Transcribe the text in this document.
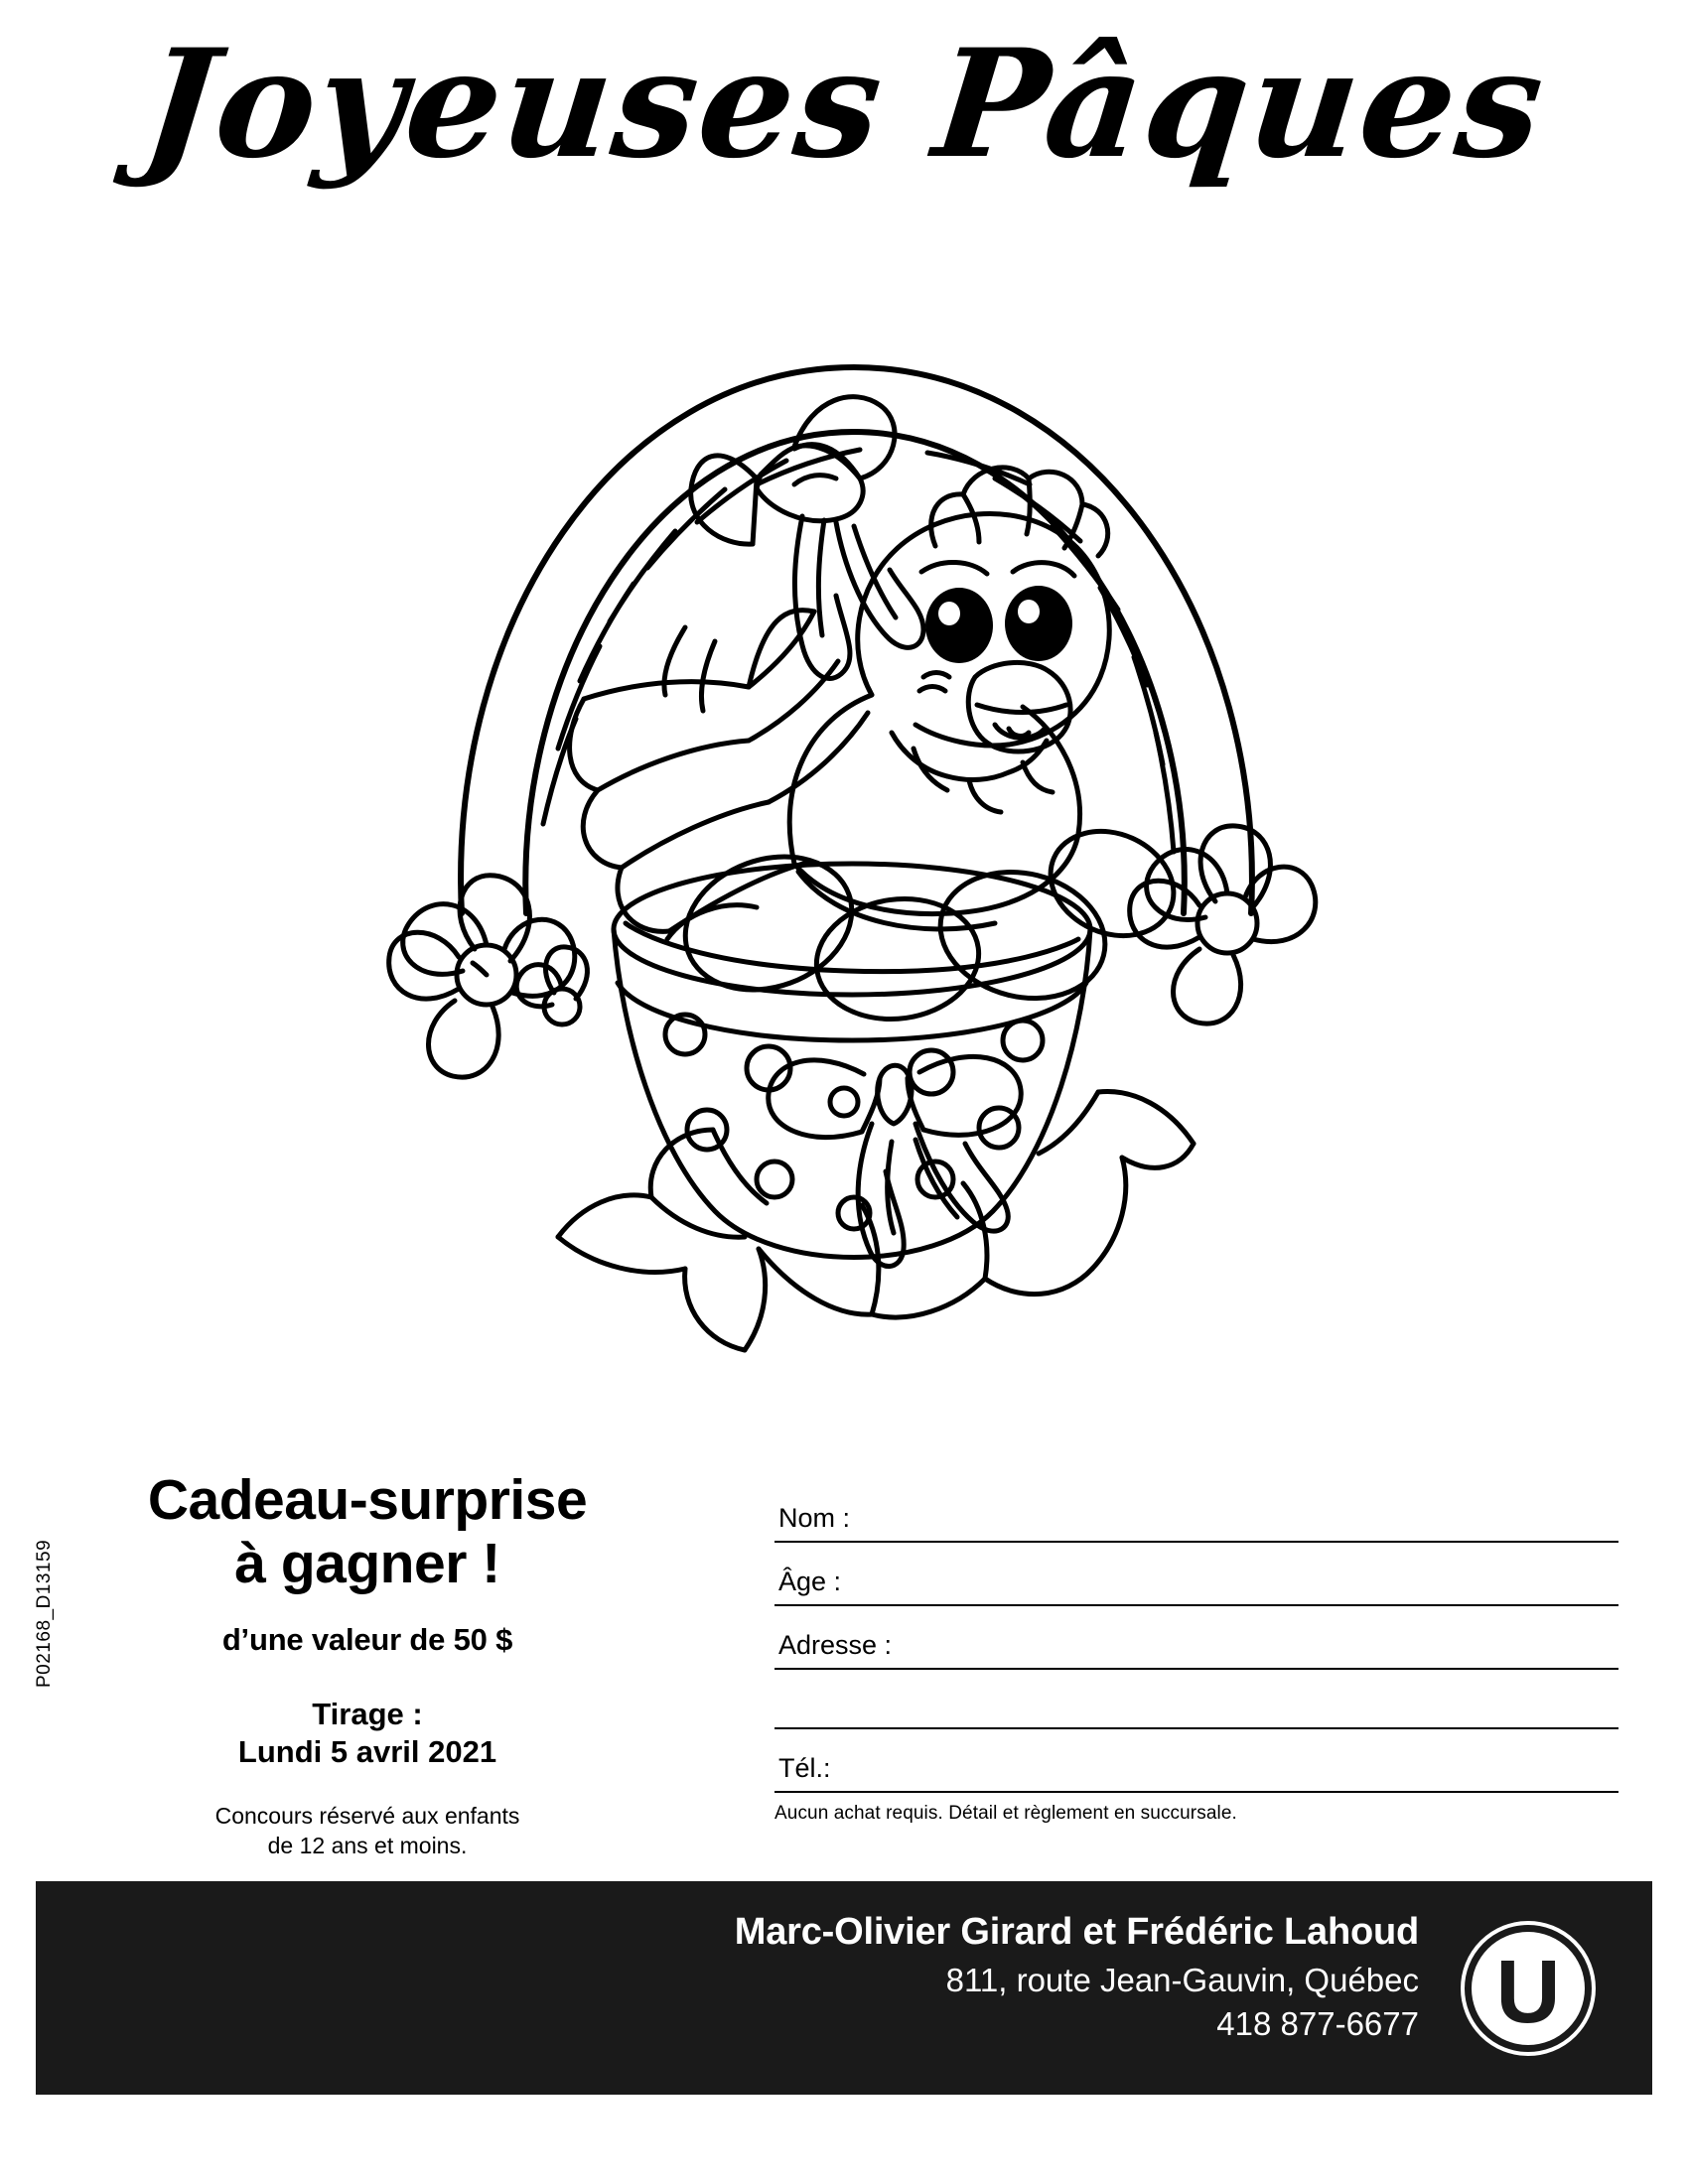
Joyeuses Pâques
Cadeau-surprise
à gagner !
d’une valeur de 50 $
Tirage :
Lundi 5 avril 2021
Concours réservé aux enfants
de 12 ans et moins.
P02168_D13159
Nom :
Âge :
Adresse :
Tél.:
Aucun achat requis. Détail et règlement en succursale.
Marc-Olivier Girard et Frédéric Lahoud
811, route Jean-Gauvin, Québec
418 877-6677 U
